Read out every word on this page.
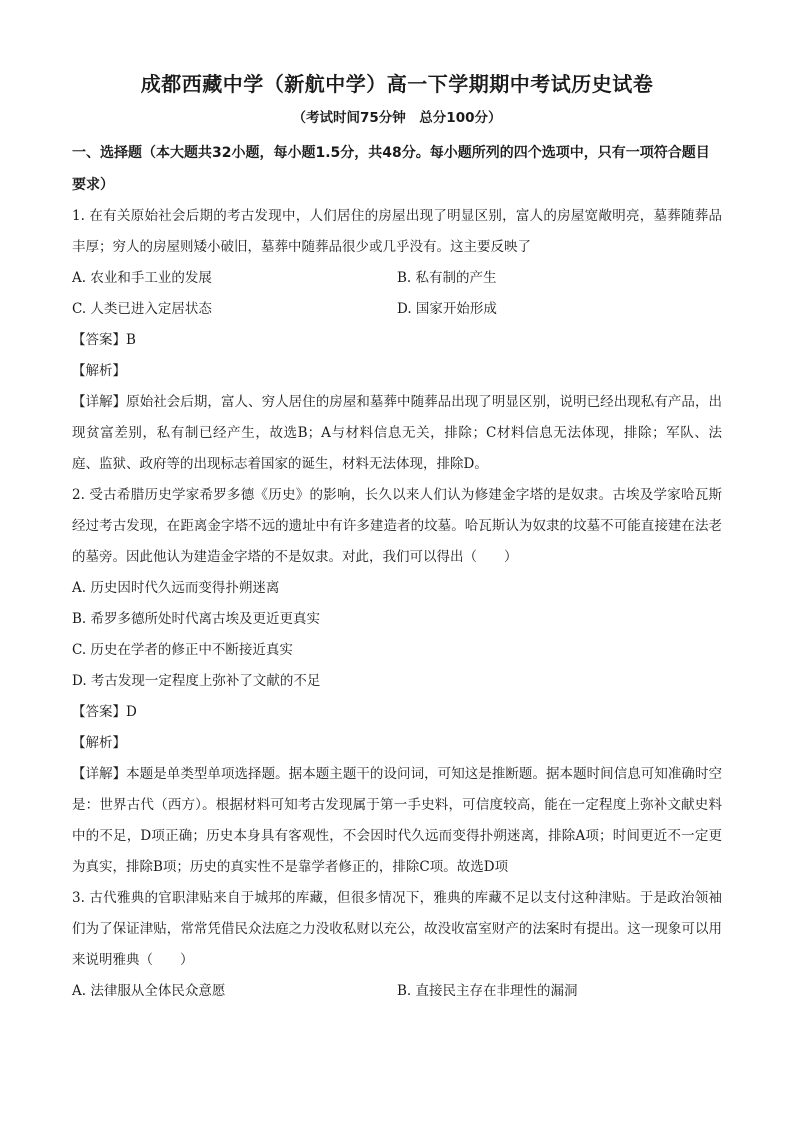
成都西藏中学（新航中学）高一下学期期中考试历史试卷
（考试时间75分钟　总分100分）
一、选择题（本大题共32小题，每小题1.5分，共48分。每小题所列的四个选项中，只有一项符合题目要求）
1. 在有关原始社会后期的考古发现中，人们居住的房屋出现了明显区别，富人的房屋宽敞明亮，墓葬随葬品丰厚；穷人的房屋则矮小破旧，墓葬中随葬品很少或几乎没有。这主要反映了
A. 农业和手工业的发展	B. 私有制的产生
C. 人类已进入定居状态	D. 国家开始形成
【答案】B
【解析】
【详解】原始社会后期，富人、穷人居住的房屋和墓葬中随葬品出现了明显区别，说明已经出现私有产品，出现贫富差别，私有制已经产生，故选B；A与材料信息无关，排除；C材料信息无法体现，排除；军队、法庭、监狱、政府等的出现标志着国家的诞生，材料无法体现，排除D。
2. 受古希腊历史学家希罗多德《历史》的影响，长久以来人们认为修建金字塔的是奴隶。古埃及学家哈瓦斯经过考古发现，在距离金字塔不远的遗址中有许多建造者的坟墓。哈瓦斯认为奴隶的坟墓不可能直接建在法老的墓旁。因此他认为建造金字塔的不是奴隶。对此，我们可以得出（　　）
A. 历史因时代久远而变得扑朔迷离
B. 希罗多德所处时代离古埃及更近更真实
C. 历史在学者的修正中不断接近真实
D. 考古发现一定程度上弥补了文献的不足
【答案】D
【解析】
【详解】本题是单类型单项选择题。据本题主题干的设问词，可知这是推断题。据本题时间信息可知准确时空是：世界古代（西方）。根据材料可知考古发现属于第一手史料，可信度较高，能在一定程度上弥补文献史料中的不足，D项正确；历史本身具有客观性，不会因时代久远而变得扑朔迷离，排除A项；时间更近不一定更为真实，排除B项；历史的真实性不是靠学者修正的，排除C项。故选D项
3. 古代雅典的官职津贴来自于城邦的库藏，但很多情况下，雅典的库藏不足以支付这种津贴。于是政治领袖们为了保证津贴，常常凭借民众法庭之力没收私财以充公，故没收富室财产的法案时有提出。这一现象可以用来说明雅典（　　）
A. 法律服从全体民众意愿	B. 直接民主存在非理性的漏洞
